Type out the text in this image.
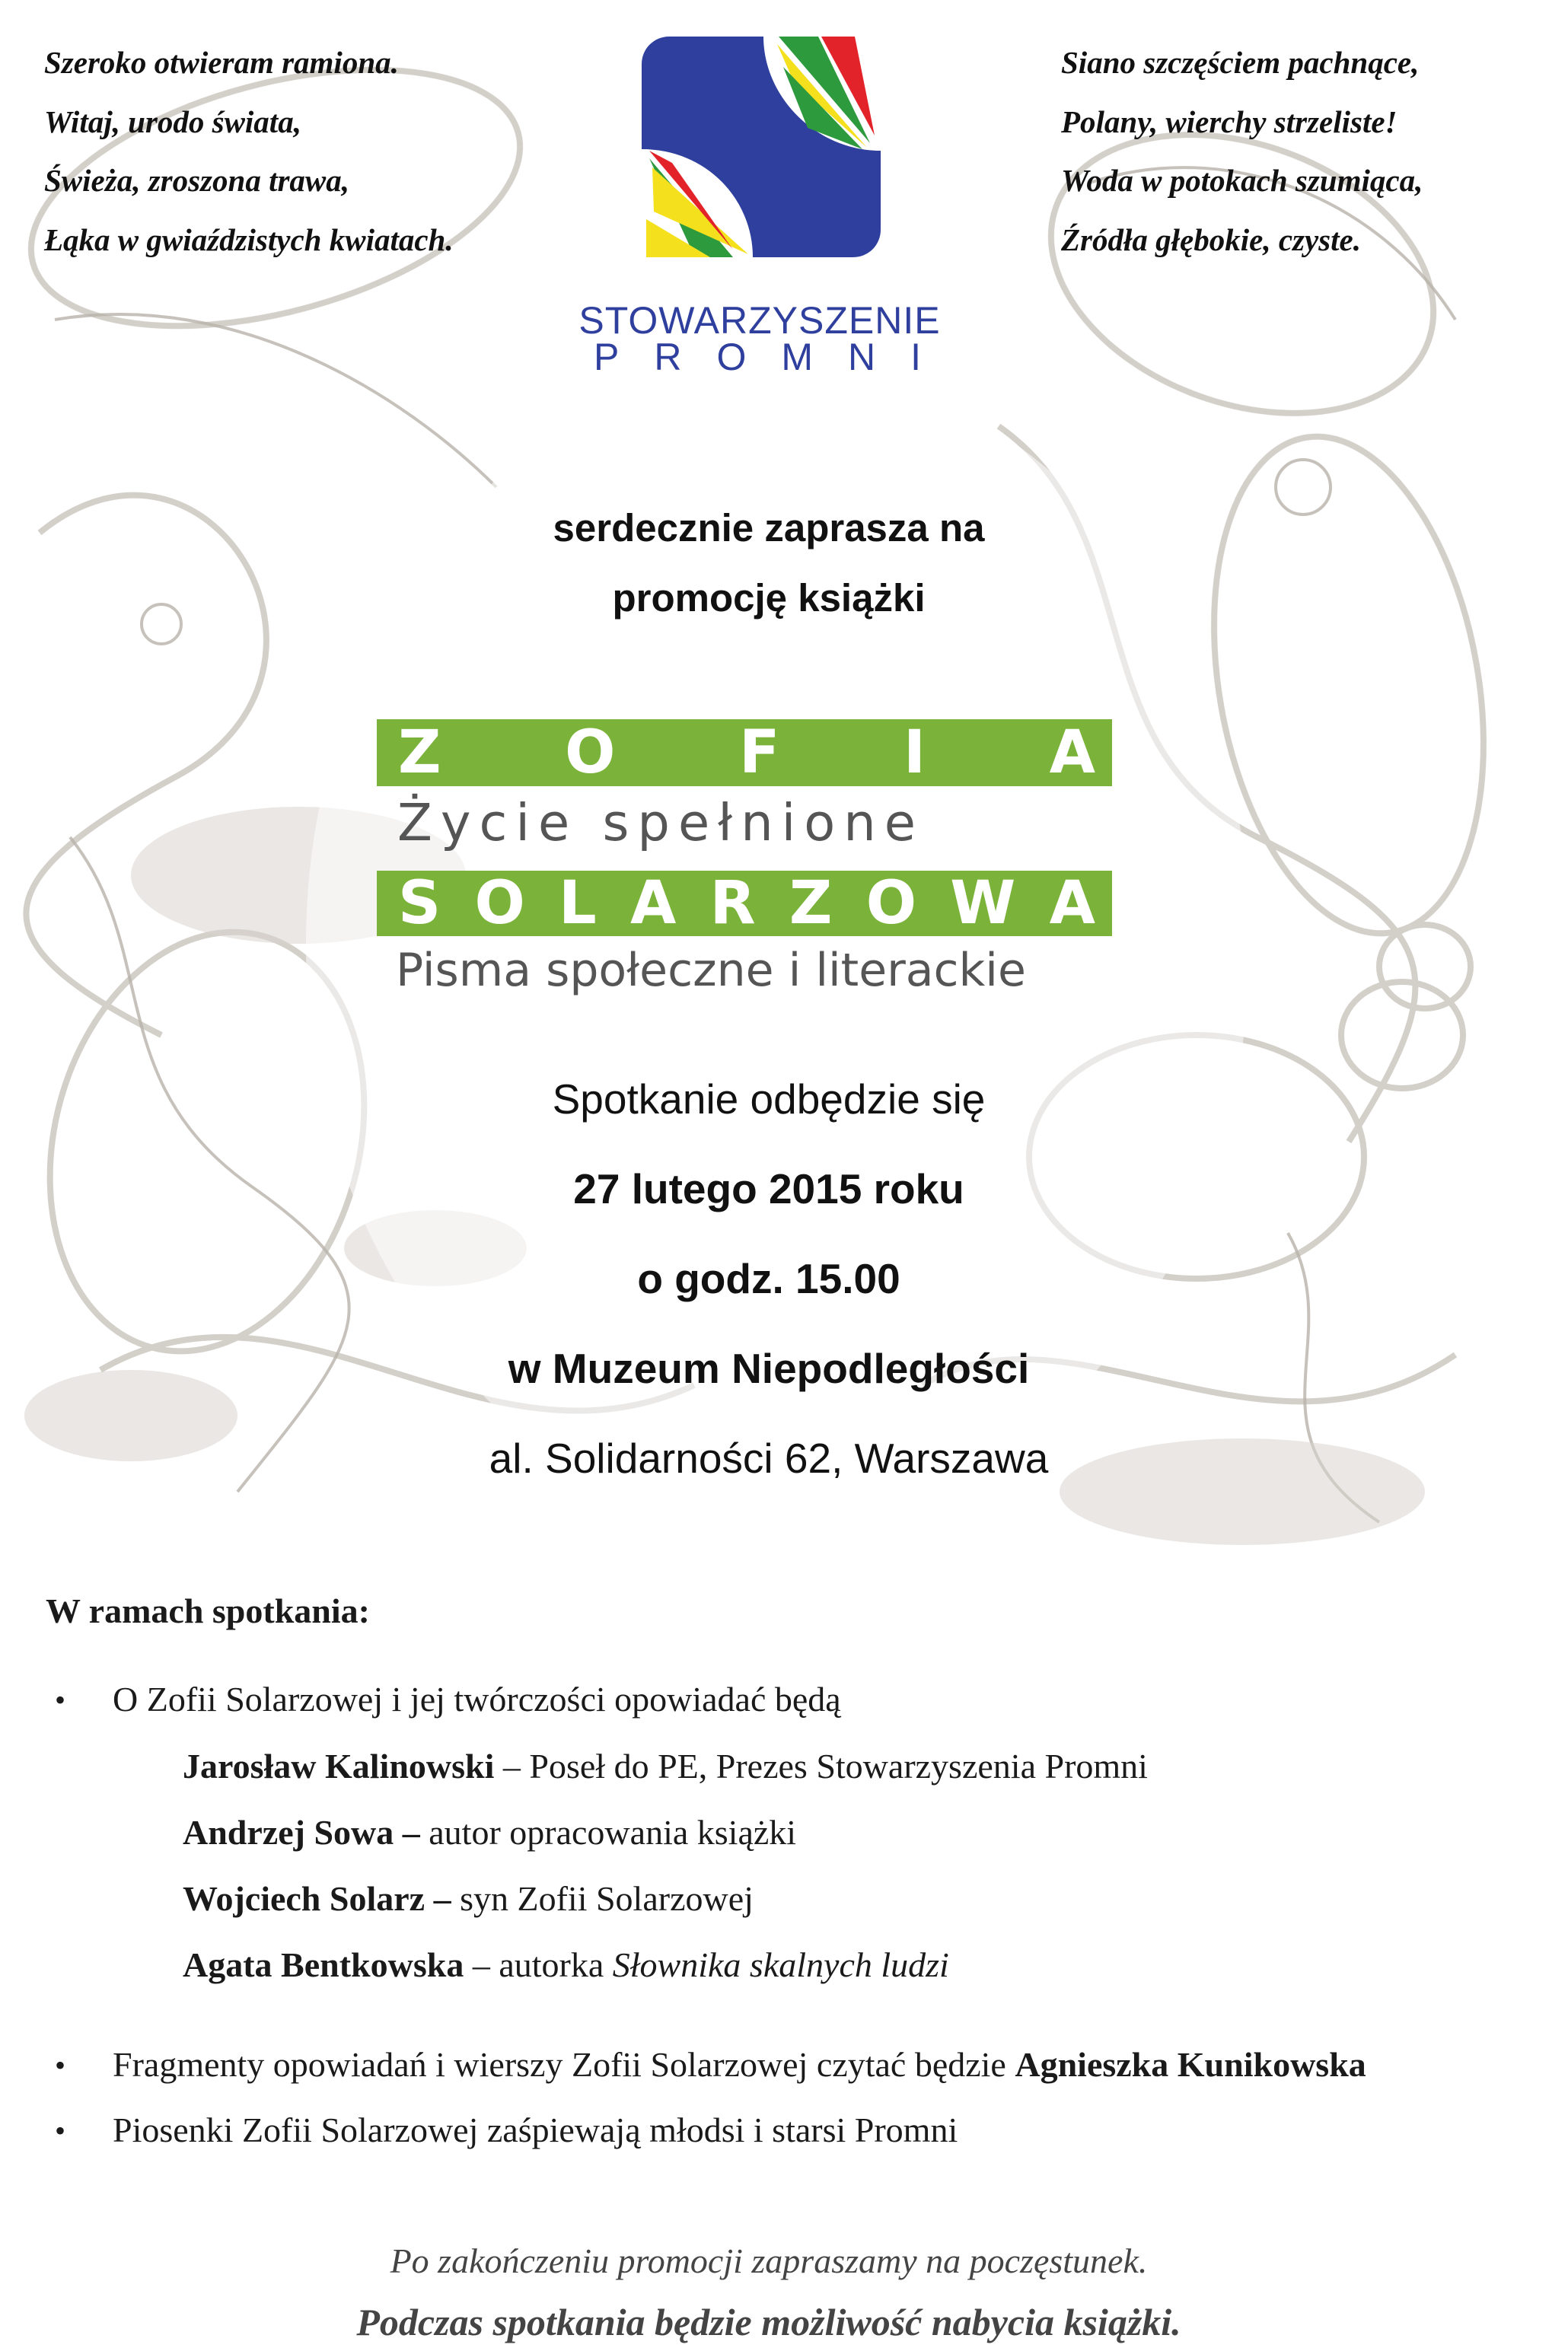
Szeroko otwieram ramiona.
Witaj, urodo świata,
Świeża, zroszona trawa,
Łąka w gwiaździstych kwiatach.
Siano szczęściem pachnące,
Polany, wierchy strzeliste!
Woda w potokach szumiąca,
Źródła głębokie, czyste.
STOWARZYSZENIE
PROMNI
serdecznie zaprasza na
promocję książki
Z O F I A
Życie spełnione
S O L A R Z O W A
Pisma społeczne i literackie
Spotkanie odbędzie się
27 lutego 2015 roku
o godz. 15.00
w Muzeum Niepodległości
al. Solidarności 62, Warszawa
W ramach spotkania:
• O Zofii Solarzowej i jej twórczości opowiadać będą
Jarosław Kalinowski – Poseł do PE, Prezes Stowarzyszenia Promni
Andrzej Sowa – autor opracowania książki
Wojciech Solarz – syn Zofii Solarzowej
Agata Bentkowska – autorka Słownika skalnych ludzi
• Fragmenty opowiadań i wierszy Zofii Solarzowej czytać będzie Agnieszka Kunikowska
• Piosenki Zofii Solarzowej zaśpiewają młodsi i starsi Promni
Po zakończeniu promocji zapraszamy na poczęstunek.
Podczas spotkania będzie możliwość nabycia książki.
